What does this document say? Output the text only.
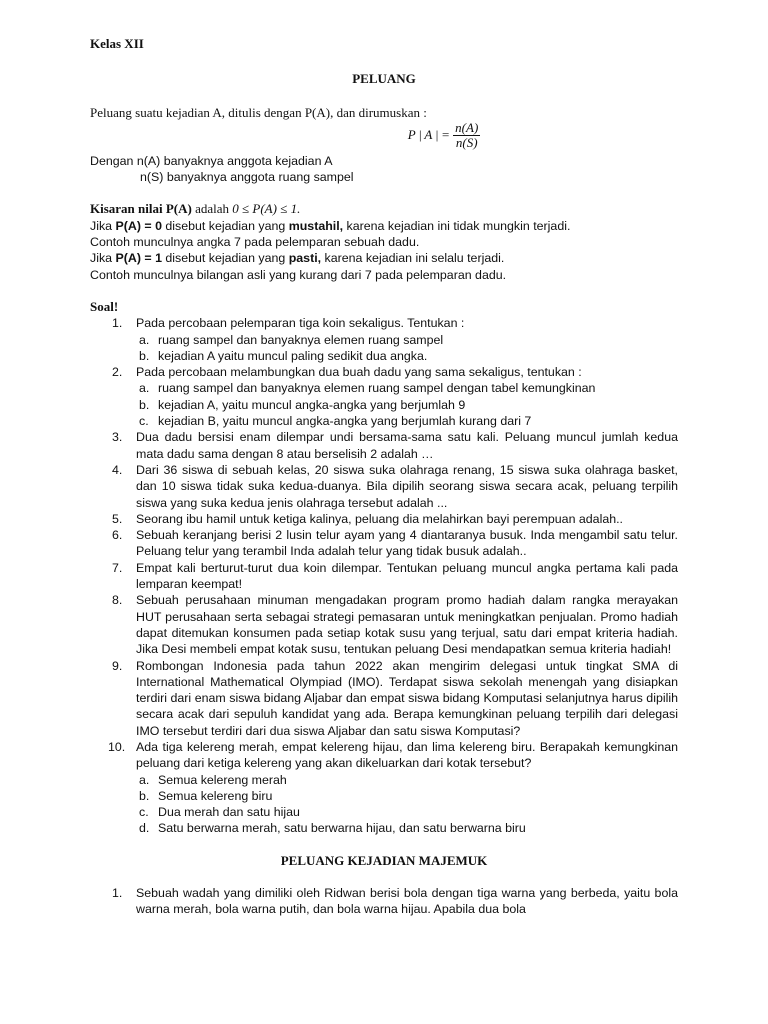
Kelas XII
PELUANG
Peluang suatu kejadian A, ditulis dengan P(A), dan dirumuskan :
P | A | = $\frac{n(A)}{n(S)}$
Dengan n(A) banyaknya anggota kejadian A
n(S) banyaknya anggota ruang sampel
Kisaran nilai P(A) adalah 0 ≤ P(A) ≤ 1.
Jika P(A) = 0 disebut kejadian yang mustahil, karena kejadian ini tidak mungkin terjadi.
Contoh munculnya angka 7 pada pelemparan sebuah dadu.
Jika P(A) = 1 disebut kejadian yang pasti, karena kejadian ini selalu terjadi.
Contoh munculnya bilangan asli yang kurang dari 7 pada pelemparan dadu.
Soal!
1. Pada percobaan pelemparan tiga koin sekaligus. Tentukan :
a. ruang sampel dan banyaknya elemen ruang sampel
b. kejadian A yaitu muncul paling sedikit dua angka.
2. Pada percobaan melambungkan dua buah dadu yang sama sekaligus, tentukan :
a. ruang sampel dan banyaknya elemen ruang sampel dengan tabel kemungkinan
b. kejadian A, yaitu muncul angka-angka yang berjumlah 9
c. kejadian B, yaitu muncul angka-angka yang berjumlah kurang dari 7
3. Dua dadu bersisi enam dilempar undi bersama-sama satu kali. Peluang muncul jumlah kedua mata dadu sama dengan 8 atau berselisih 2 adalah …
4. Dari 36 siswa di sebuah kelas, 20 siswa suka olahraga renang, 15 siswa suka olahraga basket, dan 10 siswa tidak suka kedua-duanya. Bila dipilih seorang siswa secara acak, peluang terpilih siswa yang suka kedua jenis olahraga tersebut adalah ...
5. Seorang ibu hamil untuk ketiga kalinya, peluang dia melahirkan bayi perempuan adalah..
6. Sebuah keranjang berisi 2 lusin telur ayam yang 4 diantaranya busuk. Inda mengambil satu telur. Peluang telur yang terambil Inda adalah telur yang tidak busuk adalah..
7. Empat kali berturut-turut dua koin dilempar. Tentukan peluang muncul angka pertama kali pada lemparan keempat!
8. Sebuah perusahaan minuman mengadakan program promo hadiah dalam rangka merayakan HUT perusahaan serta sebagai strategi pemasaran untuk meningkatkan penjualan. Promo hadiah dapat ditemukan konsumen pada setiap kotak susu yang terjual, satu dari empat kriteria hadiah. Jika Desi membeli empat kotak susu, tentukan peluang Desi mendapatkan semua kriteria hadiah!
9. Rombongan Indonesia pada tahun 2022 akan mengirim delegasi untuk tingkat SMA di International Mathematical Olympiad (IMO). Terdapat siswa sekolah menengah yang disiapkan terdiri dari enam siswa bidang Aljabar dan empat siswa bidang Komputasi selanjutnya harus dipilih secara acak dari sepuluh kandidat yang ada. Berapa kemungkinan peluang terpilih dari delegasi IMO tersebut terdiri dari dua siswa Aljabar dan satu siswa Komputasi?
10. Ada tiga kelereng merah, empat kelereng hijau, dan lima kelereng biru. Berapakah kemungkinan peluang dari ketiga kelereng yang akan dikeluarkan dari kotak tersebut?
a. Semua kelereng merah
b. Semua kelereng biru
c. Dua merah dan satu hijau
d. Satu berwarna merah, satu berwarna hijau, dan satu berwarna biru
PELUANG KEJADIAN MAJEMUK
1. Sebuah wadah yang dimiliki oleh Ridwan berisi bola dengan tiga warna yang berbeda, yaitu bola warna merah, bola warna putih, dan bola warna hijau. Apabila dua bola
